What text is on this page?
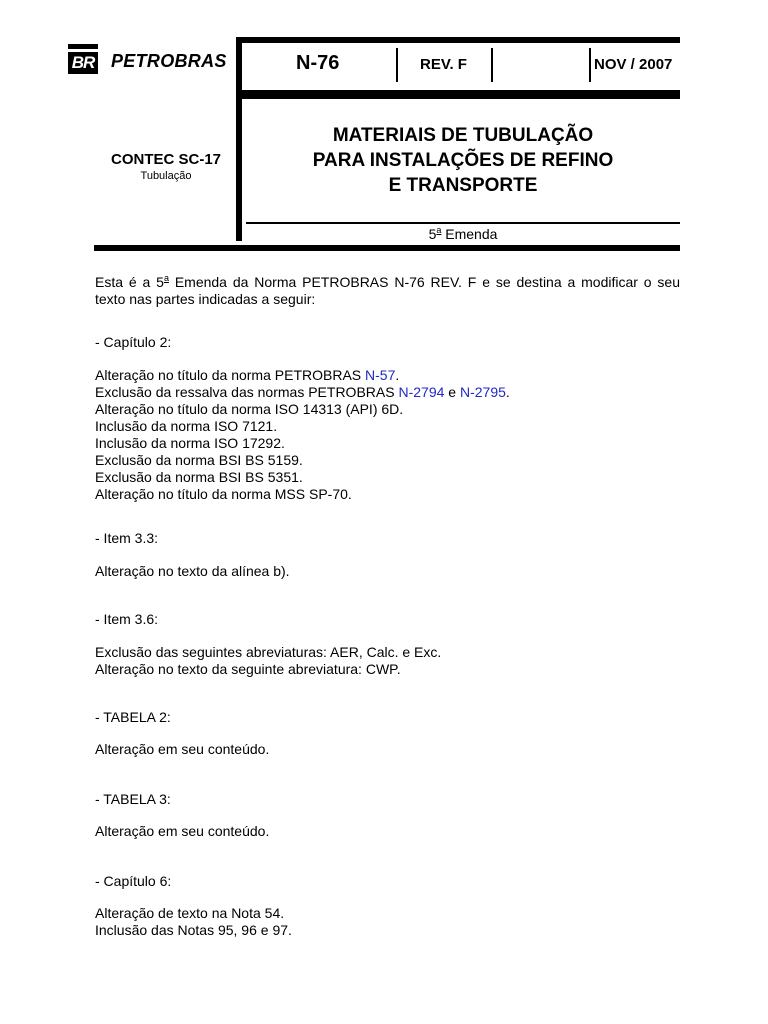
BR PETROBRAS	N-76	REV. F	NOV / 2007
CONTEC SC-17
Tubulação
MATERIAIS DE TUBULAÇÃO
PARA INSTALAÇÕES DE REFINO
E TRANSPORTE
5$^a$ Emenda
Esta é a 5$^a$ Emenda da Norma PETROBRAS N-76 REV. F e se destina a modificar o seu texto nas partes indicadas a seguir:
- Capítulo 2:
Alteração no título da norma PETROBRAS N-57.
Exclusão da ressalva das normas PETROBRAS N-2794 e N-2795.
Alteração no título da norma ISO 14313 (API) 6D.
Inclusão da norma ISO 7121.
Inclusão da norma ISO 17292.
Exclusão da norma BSI BS 5159.
Exclusão da norma BSI BS 5351.
Alteração no título da norma MSS SP-70.
- Item 3.3:
Alteração no texto da alínea b).
- Item 3.6:
Exclusão das seguintes abreviaturas: AER, Calc. e Exc.
Alteração no texto da seguinte abreviatura: CWP.
- TABELA 2:
Alteração em seu conteúdo.
- TABELA 3:
Alteração em seu conteúdo.
- Capítulo 6:
Alteração de texto na Nota 54.
Inclusão das Notas 95, 96 e 97.
